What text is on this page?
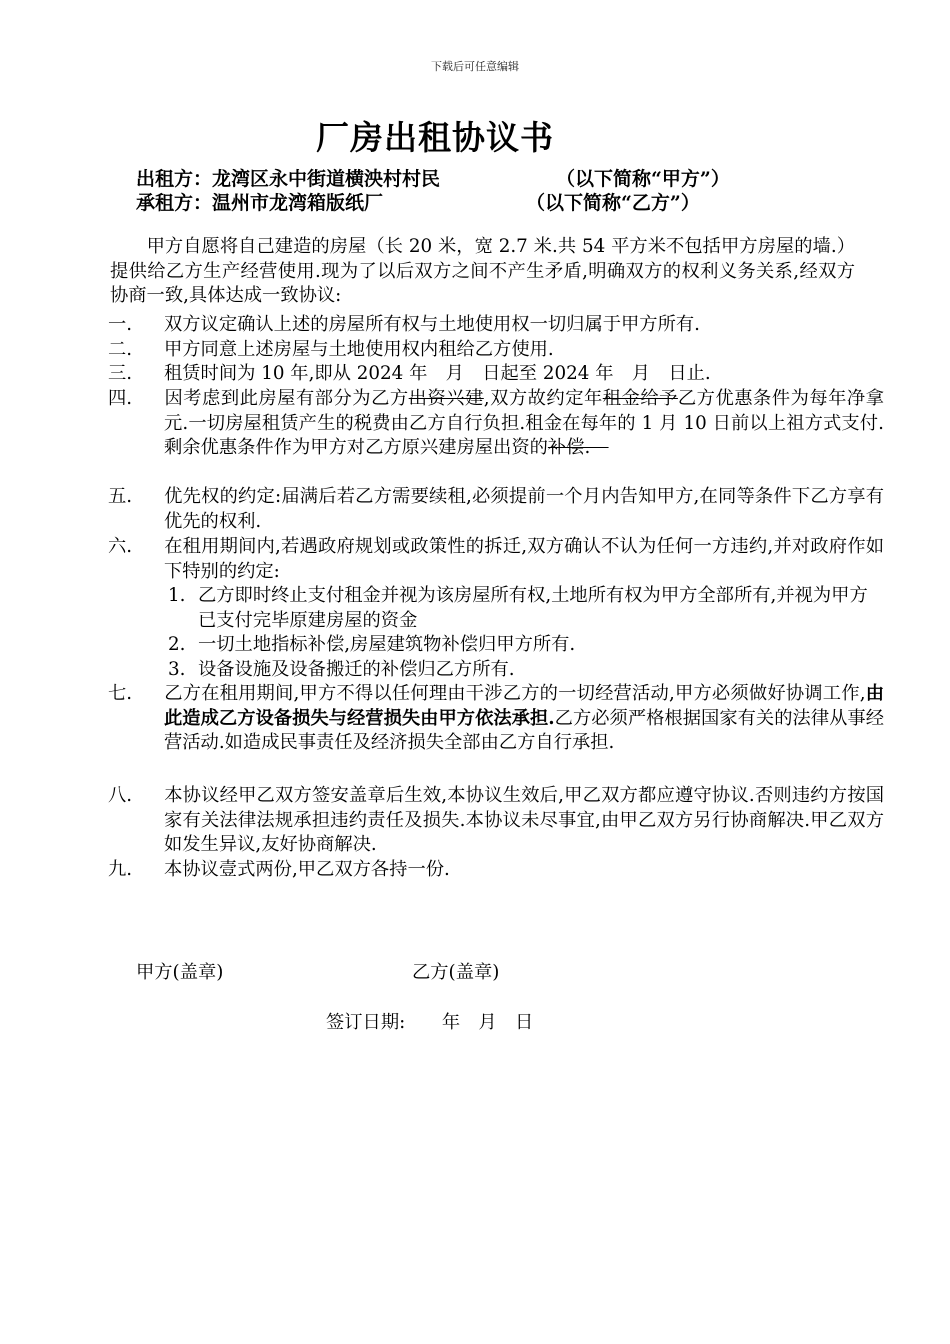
下载后可任意编辑
厂房出租协议书
出租方：龙湾区永中街道横泱村村民	（以下简称“甲方”）
承租方：温州市龙湾箱版纸厂	（以下简称“乙方”）
甲方自愿将自己建造的房屋（长 20 米，宽 2.7 米.共 54 平方米不包括甲方房屋的墙.）提供给乙方生产经营使用.现为了以后双方之间不产生矛盾,明确双方的权利义务关系,经双方协商一致,具体达成一致协议:
一. 双方议定确认上述的房屋所有权与土地使用权一切归属于甲方所有.
二. 甲方同意上述房屋与土地使用权内租给乙方使用.
三. 租赁时间为 10 年,即从 2024 年　月　日起至 2024 年　月　日止.
四. 因考虑到此房屋有部分为乙方出资兴建,双方故约定年租金给予乙方优惠条件为每年净拿　　元.一切房屋租赁产生的税费由乙方自行负担.租金在每年的 1 月 10 日前以上祖方式支付.剩余优惠条件作为甲方对乙方原兴建房屋出资的补偿.　
五. 优先权的约定:届满后若乙方需要续租,必须提前一个月内告知甲方,在同等条件下乙方享有优先的权利.
六. 在租用期间内,若遇政府规划或政策性的拆迁,双方确认不认为任何一方违约,并对政府作如下特别的约定:
1. 乙方即时终止支付租金并视为该房屋所有权,土地所有权为甲方全部所有,并视为甲方已支付完毕原建房屋的资金
2. 一切土地指标补偿,房屋建筑物补偿归甲方所有.
3. 设备设施及设备搬迁的补偿归乙方所有.
七. 乙方在租用期间,甲方不得以任何理由干涉乙方的一切经营活动,甲方必须做好协调工作,由此造成乙方设备损失与经营损失由甲方依法承担.乙方必须严格根据国家有关的法律从事经营活动.如造成民事责任及经济损失全部由乙方自行承担.
八. 本协议经甲乙双方签安盖章后生效,本协议生效后,甲乙双方都应遵守协议.否则违约方按国家有关法律法规承担违约责任及损失.本协议未尽事宜,由甲乙双方另行协商解决.甲乙双方如发生异议,友好协商解决.
九. 本协议壹式两份,甲乙双方各持一份.
甲方(盖章)	乙方(盖章)
签订日期:　　年　月　日
